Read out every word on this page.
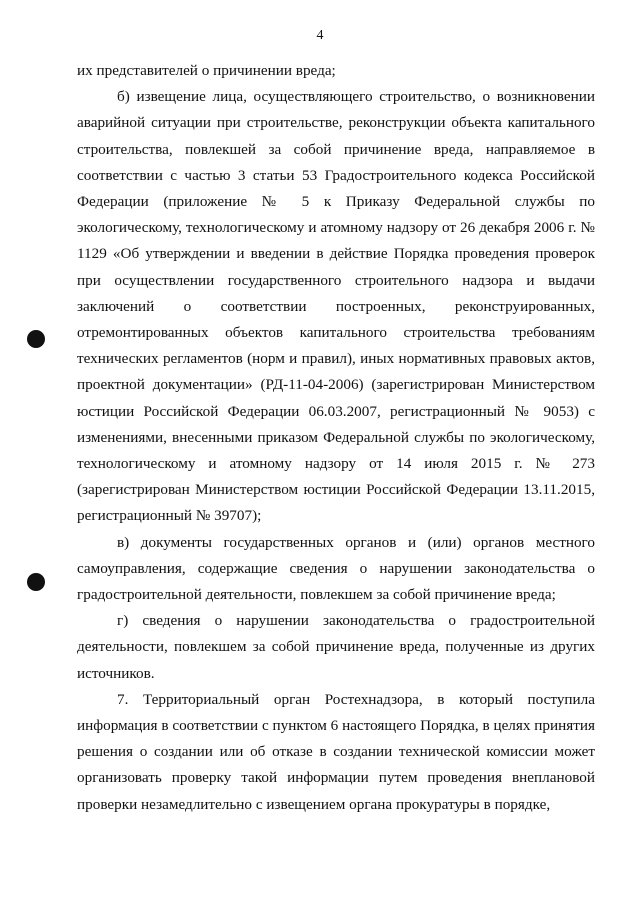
4

их представителей о причинении вреда;

б) извещение лица, осуществляющего строительство, о возникновении аварийной ситуации при строительстве, реконструкции объекта капитального строительства, повлекшей за собой причинение вреда, направляемое в соответствии с частью 3 статьи 53 Градостроительного кодекса Российской Федерации (приложение № 5 к Приказу Федеральной службы по экологическому, технологическому и атомному надзору от 26 декабря 2006 г. № 1129 «Об утверждении и введении в действие Порядка проведения проверок при осуществлении государственного строительного надзора и выдачи заключений о соответствии построенных, реконструированных, отремонтированных объектов капитального строительства требованиям технических регламентов (норм и правил), иных нормативных правовых актов, проектной документации» (РД-11-04-2006) (зарегистрирован Министерством юстиции Российской Федерации 06.03.2007, регистрационный № 9053) с изменениями, внесенными приказом Федеральной службы по экологическому, технологическому и атомному надзору от 14 июля 2015 г. № 273 (зарегистрирован Министерством юстиции Российской Федерации 13.11.2015, регистрационный № 39707);

в) документы государственных органов и (или) органов местного самоуправления, содержащие сведения о нарушении законодательства о градостроительной деятельности, повлекшем за собой причинение вреда;

г) сведения о нарушении законодательства о градостроительной деятельности, повлекшем за собой причинение вреда, полученные из других источников.

7. Территориальный орган Ростехнадзора, в который поступила информация в соответствии с пунктом 6 настоящего Порядка, в целях принятия решения о создании или об отказе в создании технической комиссии может организовать проверку такой информации путем проведения внеплановой проверки незамедлительно с извещением органа прокуратуры в порядке,
